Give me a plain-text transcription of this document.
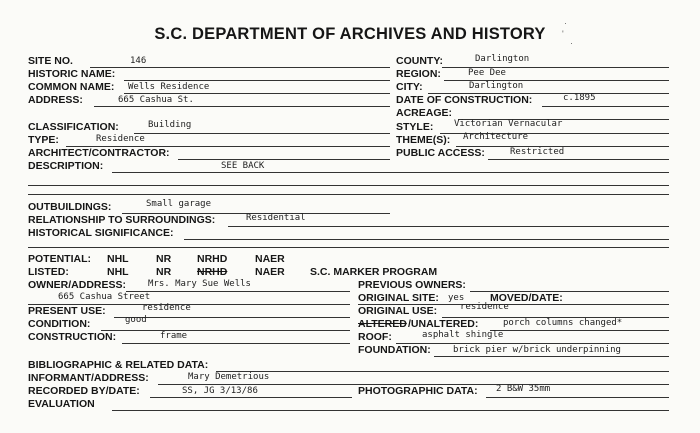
S.C. DEPARTMENT OF ARCHIVES AND HISTORY
·
·
'
SITE NO.	146
HISTORIC NAME:
COMMON NAME: Wells Residence
ADDRESS:	665 Cashua St.
COUNTY:	Darlington
REGION:	Pee Dee
CITY:	Darlington
DATE OF CONSTRUCTION:	c.1895
ACREAGE:
CLASSIFICATION:	Building
TYPE:	Residence
ARCHITECT/CONTRACTOR:
DESCRIPTION:	SEE BACK
STYLE: Victorian Vernacular
THEME(S): Architecture
PUBLIC ACCESS:	Restricted
OUTBUILDINGS:	Small garage
RELATIONSHIP TO SURROUNDINGS:	Residential
HISTORICAL SIGNIFICANCE:
POTENTIAL: NHL	NR NRHD	NAER
LISTED:	NHL	NR NRHD	NAER S.C. MARKER PROGRAM
OWNER/ADDRESS: Mrs. Mary Sue Wells
665 Cashua Street
PRESENT USE:	residence
CONDITION:	good
CONSTRUCTION:	frame
PREVIOUS OWNERS:
ORIGINAL SITE: yes MOVED/DATE:
ORIGINAL USE:	residence
ALTERED /UNALTERED:	porch columns changed*
ROOF:	asphalt shingle
FOUNDATION: brick pier w/brick underpinning
BIBLIOGRAPHIC & RELATED DATA:
INFORMANT/ADDRESS:	Mary Demetrious
RECORDED BY/DATE:	SS, JG 3/13/86	PHOTOGRAPHIC DATA: 2 B&W 35mm
EVALUATION
